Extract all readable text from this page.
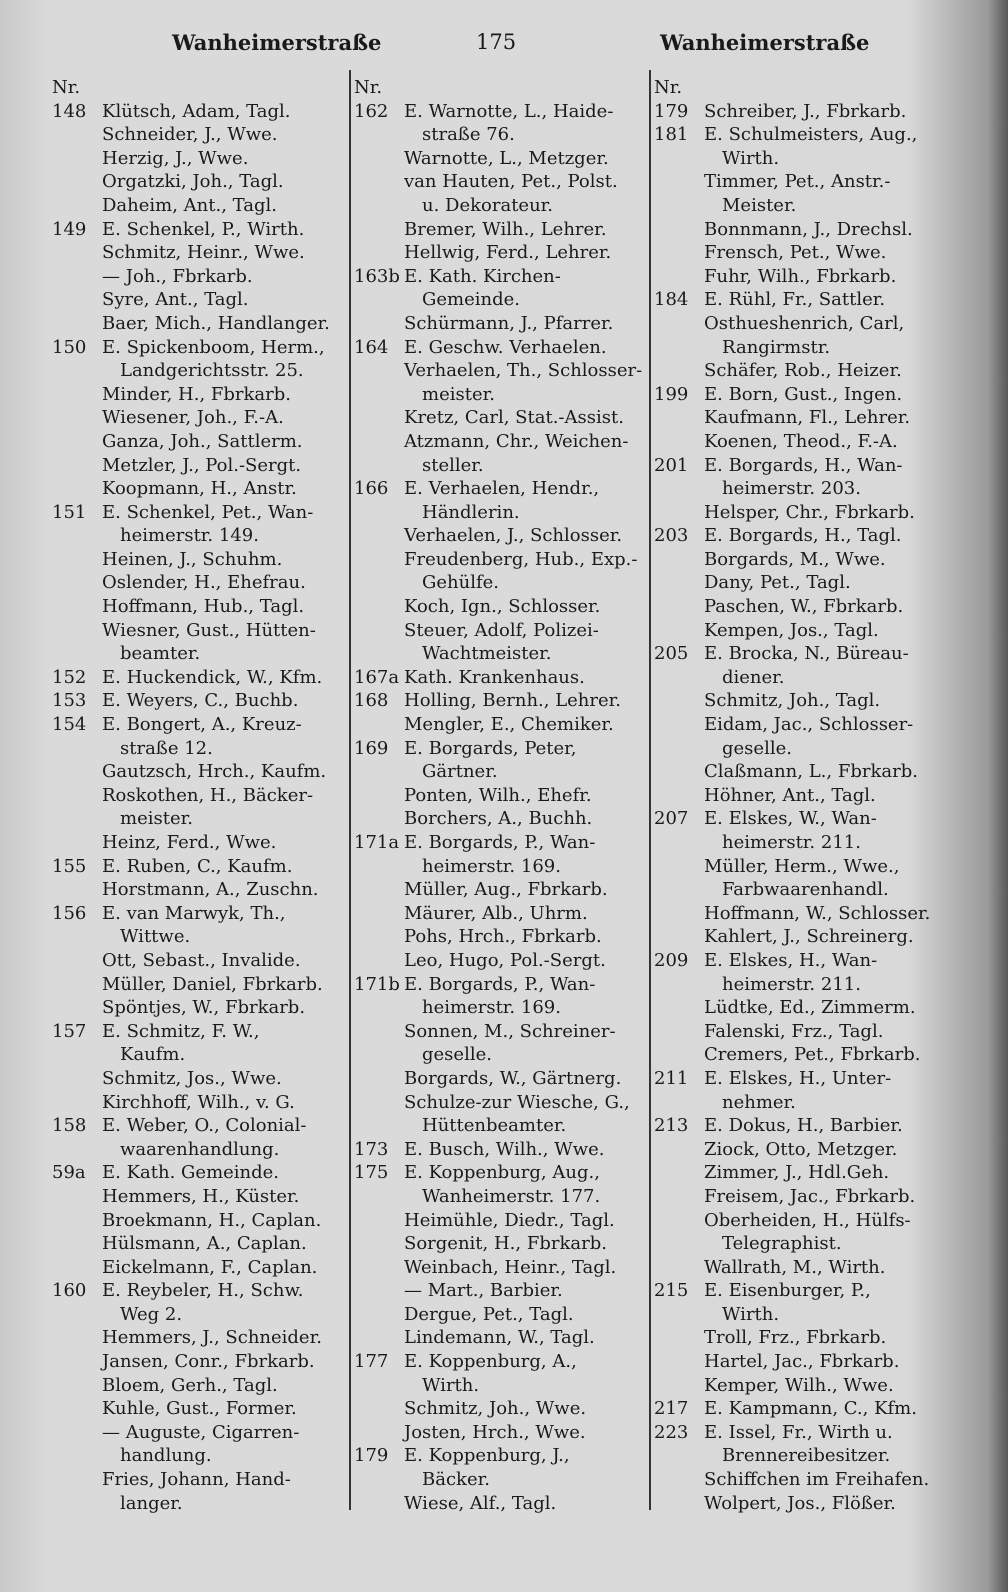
Wanheimerstraße	175	Wanheimerstraße
Nr.
148 Klütsch, Adam, Tagl.
Schneider, J., Wwe.
Herzig, J., Wwe.
Orgatzki, Joh., Tagl.
Daheim, Ant., Tagl.
149 E. Schenkel, P., Wirth.
Schmitz, Heinr., Wwe.
— Joh., Fbrkarb.
Syre, Ant., Tagl.
Baer, Mich., Handlanger.
150 E. Spickenboom, Herm.,
Landgerichtsstr. 25.
Minder, H., Fbrkarb.
Wiesener, Joh., F.-A.
Ganza, Joh., Sattlerm.
Metzler, J., Pol.-Sergt.
Koopmann, H., Anstr.
151 E. Schenkel, Pet., Wan-
heimerstr. 149.
Heinen, J., Schuhm.
Oslender, H., Ehefrau.
Hoffmann, Hub., Tagl.
Wiesner, Gust., Hütten-
beamter.
152 E. Huckendick, W., Kfm.
153 E. Weyers, C., Buchb.
154 E. Bongert, A., Kreuz-
straße 12.
Gautzsch, Hrch., Kaufm.
Roskothen, H., Bäcker-
meister.
Heinz, Ferd., Wwe.
155 E. Ruben, C., Kaufm.
Horstmann, A., Zuschn.
156 E. van Marwyk, Th.,
Wittwe.
Ott, Sebast., Invalide.
Müller, Daniel, Fbrkarb.
Spöntjes, W., Fbrkarb.
157 E. Schmitz, F. W.,
Kaufm.
Schmitz, Jos., Wwe.
Kirchhoff, Wilh., v. G.
158 E. Weber, O., Colonial-
waarenhandlung.
59a E. Kath. Gemeinde.
Hemmers, H., Küster.
Broekmann, H., Caplan.
Hülsmann, A., Caplan.
Eickelmann, F., Caplan.
160 E. Reybeler, H., Schw.
Weg 2.
Hemmers, J., Schneider.
Jansen, Conr., Fbrkarb.
Bloem, Gerh., Tagl.
Kuhle, Gust., Former.
— Auguste, Cigarren-
handlung.
Fries, Johann, Hand-
langer.
Nr.
162 E. Warnotte, L., Haide-
straße 76.
Warnotte, L., Metzger.
van Hauten, Pet., Polst.
u. Dekorateur.
Bremer, Wilh., Lehrer.
Hellwig, Ferd., Lehrer.
163b E. Kath. Kirchen-
Gemeinde.
Schürmann, J., Pfarrer.
164 E. Geschw. Verhaelen.
Verhaelen, Th., Schlosser-
meister.
Kretz, Carl, Stat.-Assist.
Atzmann, Chr., Weichen-
steller.
166 E. Verhaelen, Hendr.,
Händlerin.
Verhaelen, J., Schlosser.
Freudenberg, Hub., Exp.-
Gehülfe.
Koch, Ign., Schlosser.
Steuer, Adolf, Polizei-
Wachtmeister.
167a Kath. Krankenhaus.
168 Holling, Bernh., Lehrer.
Mengler, E., Chemiker.
169 E. Borgards, Peter,
Gärtner.
Ponten, Wilh., Ehefr.
Borchers, A., Buchh.
171a E. Borgards, P., Wan-
heimerstr. 169.
Müller, Aug., Fbrkarb.
Mäurer, Alb., Uhrm.
Pohs, Hrch., Fbrkarb.
Leo, Hugo, Pol.-Sergt.
171b E. Borgards, P., Wan-
heimerstr. 169.
Sonnen, M., Schreiner-
geselle.
Borgards, W., Gärtnerg.
Schulze-zur Wiesche, G.,
Hüttenbeamter.
173 E. Busch, Wilh., Wwe.
175 E. Koppenburg, Aug.,
Wanheimerstr. 177.
Heimühle, Diedr., Tagl.
Sorgenit, H., Fbrkarb.
Weinbach, Heinr., Tagl.
— Mart., Barbier.
Dergue, Pet., Tagl.
Lindemann, W., Tagl.
177 E. Koppenburg, A.,
Wirth.
Schmitz, Joh., Wwe.
Josten, Hrch., Wwe.
179 E. Koppenburg, J.,
Bäcker.
Wiese, Alf., Tagl.
Nr.
179 Schreiber, J., Fbrkarb.
181 E. Schulmeisters, Aug.,
Wirth.
Timmer, Pet., Anstr.-
Meister.
Bonnmann, J., Drechsl.
Frensch, Pet., Wwe.
Fuhr, Wilh., Fbrkarb.
184 E. Rühl, Fr., Sattler.
Osthueshenrich, Carl,
Rangirmstr.
Schäfer, Rob., Heizer.
199 E. Born, Gust., Ingen.
Kaufmann, Fl., Lehrer.
Koenen, Theod., F.-A.
201 E. Borgards, H., Wan-
heimerstr. 203.
Helsper, Chr., Fbrkarb.
203 E. Borgards, H., Tagl.
Borgards, M., Wwe.
Dany, Pet., Tagl.
Paschen, W., Fbrkarb.
Kempen, Jos., Tagl.
205 E. Brocka, N., Büreau-
diener.
Schmitz, Joh., Tagl.
Eidam, Jac., Schlosser-
geselle.
Claßmann, L., Fbrkarb.
Höhner, Ant., Tagl.
207 E. Elskes, W., Wan-
heimerstr. 211.
Müller, Herm., Wwe.,
Farbwaarenhandl.
Hoffmann, W., Schlosser.
Kahlert, J., Schreinerg.
209 E. Elskes, H., Wan-
heimerstr. 211.
Lüdtke, Ed., Zimmerm.
Falenski, Frz., Tagl.
Cremers, Pet., Fbrkarb.
211 E. Elskes, H., Unter-
nehmer.
213 E. Dokus, H., Barbier.
Ziock, Otto, Metzger.
Zimmer, J., Hdl.Geh.
Freisem, Jac., Fbrkarb.
Oberheiden, H., Hülfs-
Telegraphist.
Wallrath, M., Wirth.
215 E. Eisenburger, P.,
Wirth.
Troll, Frz., Fbrkarb.
Hartel, Jac., Fbrkarb.
Kemper, Wilh., Wwe.
217 E. Kampmann, C., Kfm.
223 E. Issel, Fr., Wirth u.
Brennereibesitzer.
Schiffchen im Freihafen.
Wolpert, Jos., Flößer.
